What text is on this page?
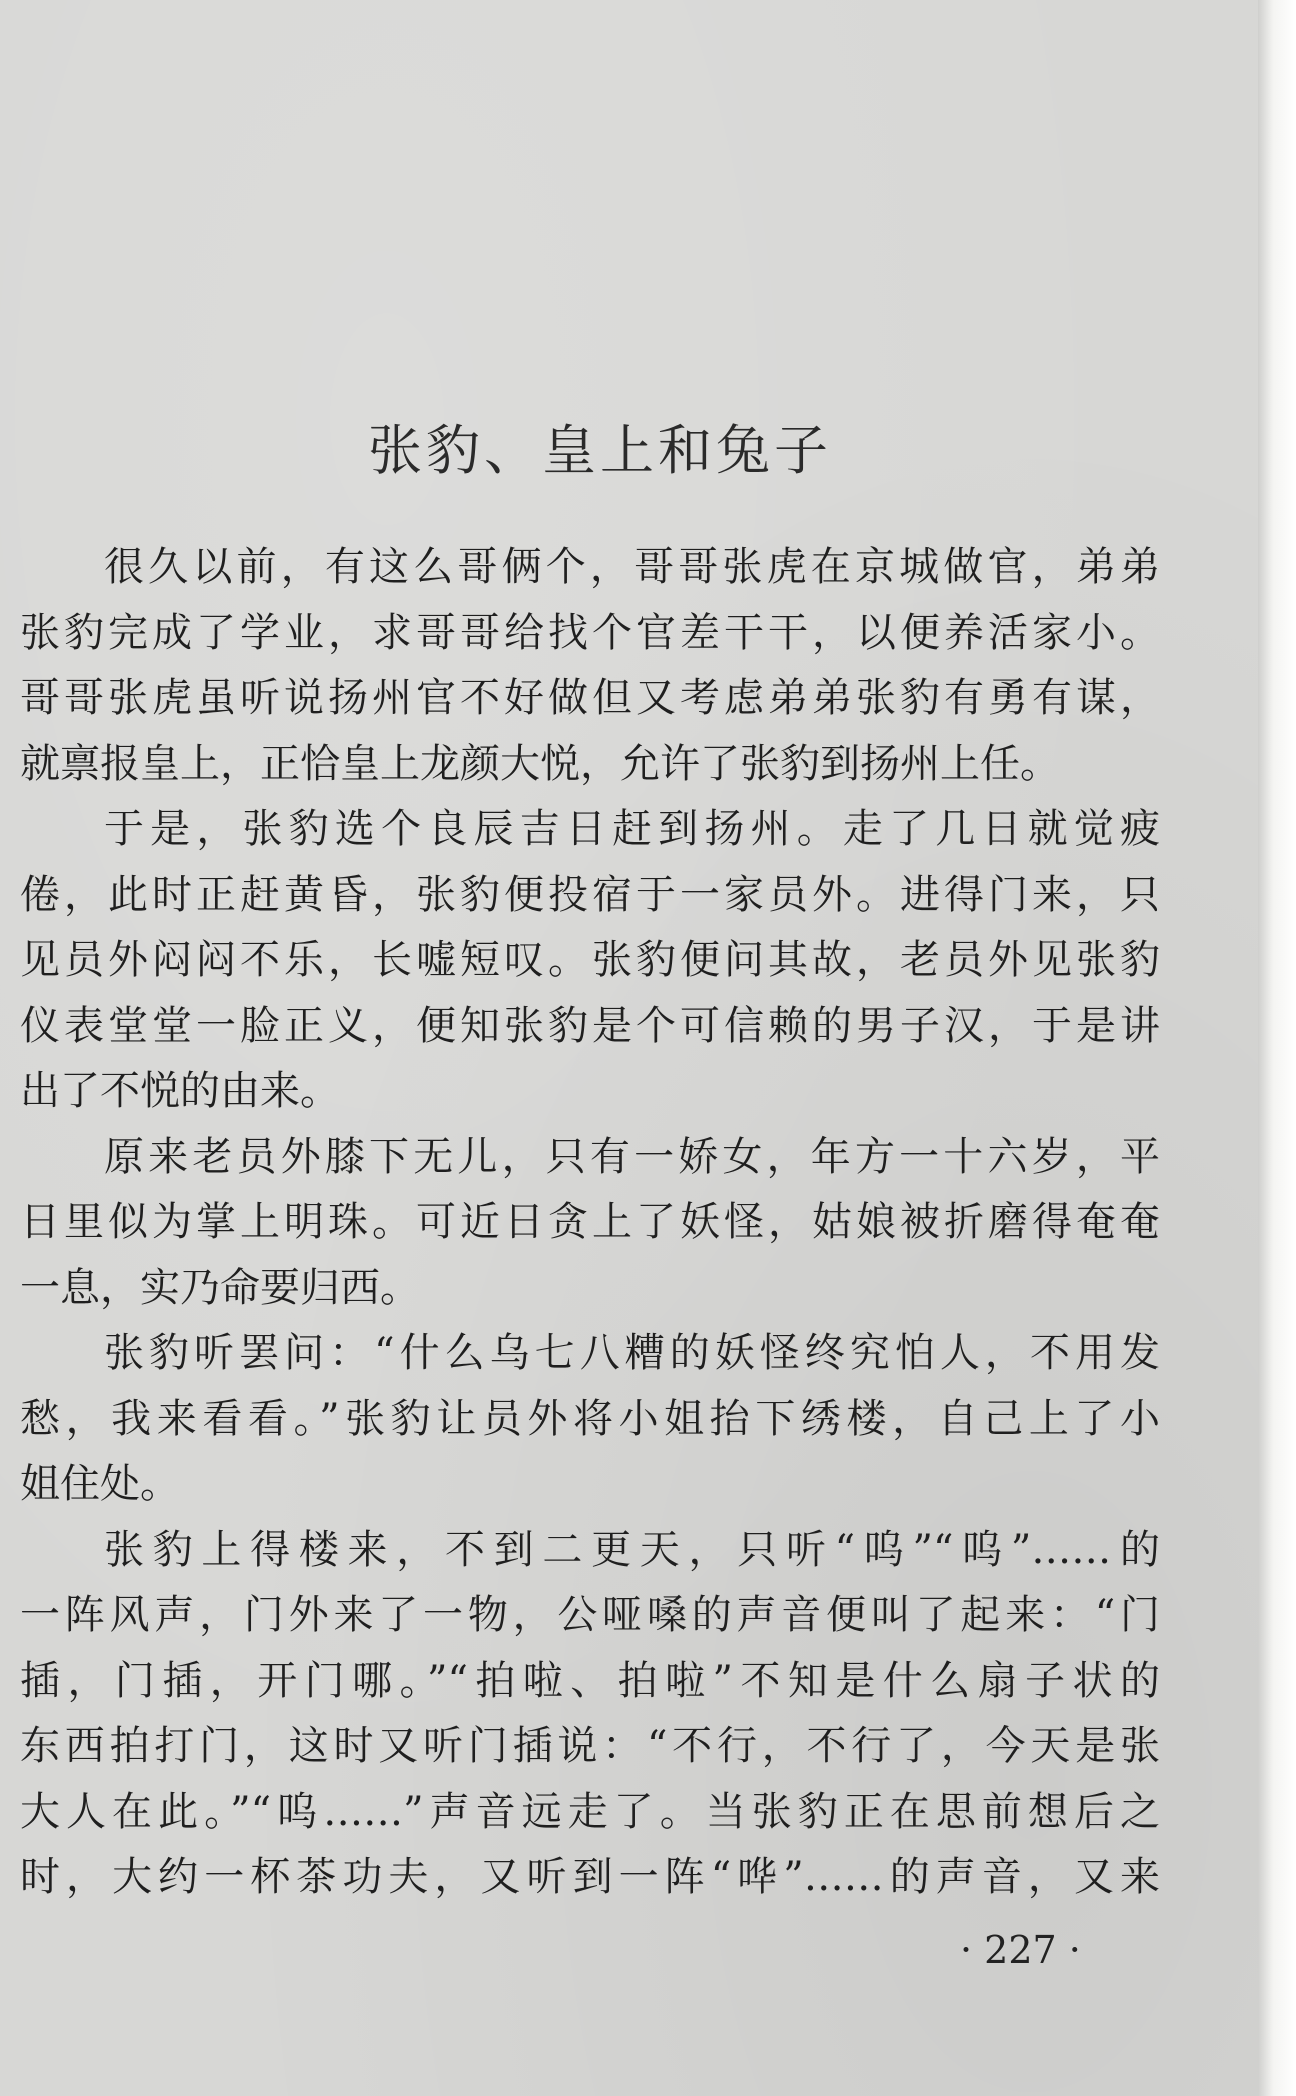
张豹、皇上和兔子
很久以前，有这么哥俩个，哥哥张虎在京城做官，弟弟
张豹完成了学业，求哥哥给找个官差干干，以便养活家小。
哥哥张虎虽听说扬州官不好做但又考虑弟弟张豹有勇有谋，
就禀报皇上，正恰皇上龙颜大悦，允许了张豹到扬州上任。
于是，张豹选个良辰吉日赶到扬州。走了几日就觉疲
倦，此时正赶黄昏，张豹便投宿于一家员外。进得门来，只
见员外闷闷不乐，长嘘短叹。张豹便问其故，老员外见张豹
仪表堂堂一脸正义，便知张豹是个可信赖的男子汉，于是讲
出了不悦的由来。
原来老员外膝下无儿，只有一娇女，年方一十六岁，平
日里似为掌上明珠。可近日贪上了妖怪，姑娘被折磨得奄奄
一息，实乃命要归西。
张豹听罢问：“什么乌七八糟的妖怪终究怕人，不用发
愁，我来看看。”张豹让员外将小姐抬下绣楼，自己上了小
姐住处。
张豹上得楼来，不到二更天，只听“呜”“呜”……的
一阵风声，门外来了一物，公哑嗓的声音便叫了起来：“门
插，门插，开门哪。”“拍啦、拍啦”不知是什么扇子状的
东西拍打门，这时又听门插说：“不行，不行了，今天是张
大人在此。”“呜……”声音远走了。当张豹正在思前想后之
时，大约一杯茶功夫，又听到一阵“哗”……的声音，又来
· 227 ·
